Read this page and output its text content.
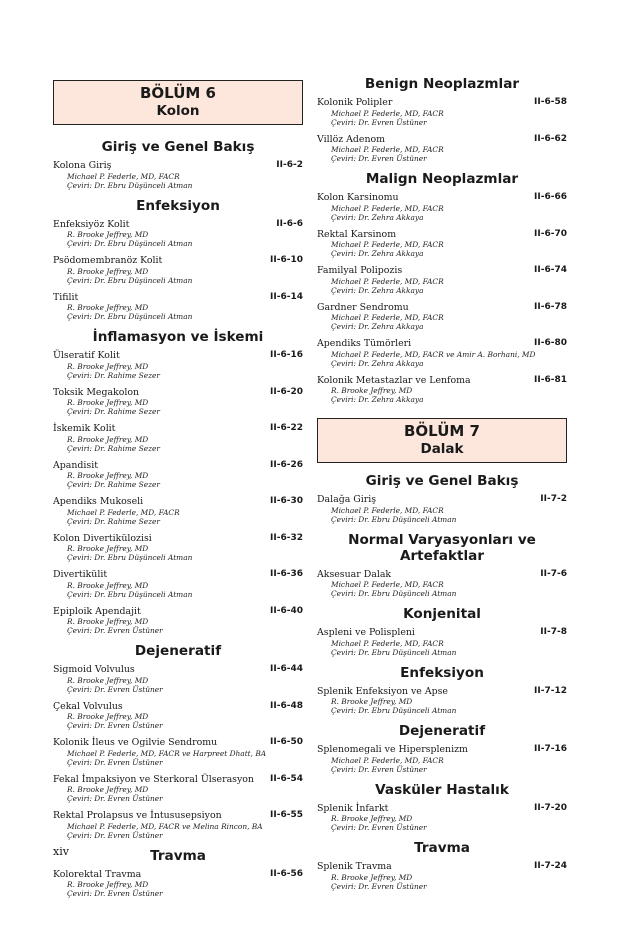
BÖLÜM 6
Kolon
Giriş ve Genel Bakış
Kolona Giriş	II-6-2
Michael P. Federle, MD, FACR
Çeviri: Dr. Ebru Düşünceli Atman
Enfeksiyon
Enfeksiyöz Kolit	II-6-6
R. Brooke Jeffrey, MD
Çeviri: Dr. Ebru Düşünceli Atman
Psödomembranöz Kolit	II-6-10
R. Brooke Jeffrey, MD
Çeviri: Dr. Ebru Düşünceli Atman
Tifilit	II-6-14
R. Brooke Jeffrey, MD
Çeviri: Dr. Ebru Düşünceli Atman
İnflamasyon ve İskemi
Ülseratif Kolit	II-6-16
R. Brooke Jeffrey, MD
Çeviri: Dr. Rahime Sezer
Toksik Megakolon	II-6-20
R. Brooke Jeffrey, MD
Çeviri: Dr. Rahime Sezer
İskemik Kolit	II-6-22
R. Brooke Jeffrey, MD
Çeviri: Dr. Rahime Sezer
Apandisit	II-6-26
R. Brooke Jeffrey, MD
Çeviri: Dr. Rahime Sezer
Apendiks Mukoseli	II-6-30
Michael P. Federle, MD, FACR
Çeviri: Dr. Rahime Sezer
Kolon Divertikülozisi	II-6-32
R. Brooke Jeffrey, MD
Çeviri: Dr. Ebru Düşünceli Atman
Divertikülit	II-6-36
R. Brooke Jeffrey, MD
Çeviri: Dr. Ebru Düşünceli Atman
Epiploik Apendajit	II-6-40
R. Brooke Jeffrey, MD
Çeviri: Dr. Evren Üstüner
Dejeneratif
Sigmoid Volvulus	II-6-44
R. Brooke Jeffrey, MD
Çeviri: Dr. Evren Üstüner
Çekal Volvulus	II-6-48
R. Brooke Jeffrey, MD
Çeviri: Dr. Evren Üstüner
Kolonik İleus ve Ogilvie Sendromu	II-6-50
Michael P. Federle, MD, FACR ve Harpreet Dhatt, BA
Çeviri: Dr. Evren Üstüner
Fekal İmpaksiyon ve Sterkoral Ülserasyon II-6-54
R. Brooke Jeffrey, MD
Çeviri: Dr. Evren Üstüner
Rektal Prolapsus ve İntususepsiyon	II-6-55
Michael P. Federle, MD, FACR ve Melina Rincon, BA
Çeviri: Dr. Evren Üstüner
Travma
Kolorektal Travma	II-6-56
R. Brooke Jeffrey, MD
Çeviri: Dr. Evren Üstüner
Benign Neoplazmlar
Kolonik Polipler	II-6-58
Michael P. Federle, MD, FACR
Çeviri: Dr. Evren Üstüner
Villöz Adenom	II-6-62
Michael P. Federle, MD, FACR
Çeviri: Dr. Evren Üstüner
Malign Neoplazmlar
Kolon Karsinomu	II-6-66
Michael P. Federle, MD, FACR
Çeviri: Dr. Zehra Akkaya
Rektal Karsinom	II-6-70
Michael P. Federle, MD, FACR
Çeviri: Dr. Zehra Akkaya
Familyal Polipozis	II-6-74
Michael P. Federle, MD, FACR
Çeviri: Dr. Zehra Akkaya
Gardner Sendromu	II-6-78
Michael P. Federle, MD, FACR
Çeviri: Dr. Zehra Akkaya
Apendiks Tümörleri	II-6-80
Michael P. Federle, MD, FACR ve Amir A. Borhani, MD
Çeviri: Dr. Zehra Akkaya
Kolonik Metastazlar ve Lenfoma	II-6-81
R. Brooke Jeffrey, MD
Çeviri: Dr. Zehra Akkaya
BÖLÜM 7
Dalak
Giriş ve Genel Bakış
Dalağa Giriş	II-7-2
Michael P. Federle, MD, FACR
Çeviri: Dr. Ebru Düşünceli Atman
Normal Varyasyonları ve Artefaktlar
Aksesuar Dalak	II-7-6
Michael P. Federle, MD, FACR
Çeviri: Dr. Ebru Düşünceli Atman
Konjenital
Aspleni ve Polispleni	II-7-8
Michael P. Federle, MD, FACR
Çeviri: Dr. Ebru Düşünceli Atman
Enfeksiyon
Splenik Enfeksiyon ve Apse	II-7-12
R. Brooke Jeffrey, MD
Çeviri: Dr. Ebru Düşünceli Atman
Dejeneratif
Splenomegali ve Hipersplenizm	II-7-16
Michael P. Federle, MD, FACR
Çeviri: Dr. Evren Üstüner
Vasküler Hastalık
Splenik İnfarkt	II-7-20
R. Brooke Jeffrey, MD
Çeviri: Dr. Evren Üstüner
Travma
Splenik Travma	II-7-24
R. Brooke Jeffrey, MD
Çeviri: Dr. Evren Üstüner
xiv
